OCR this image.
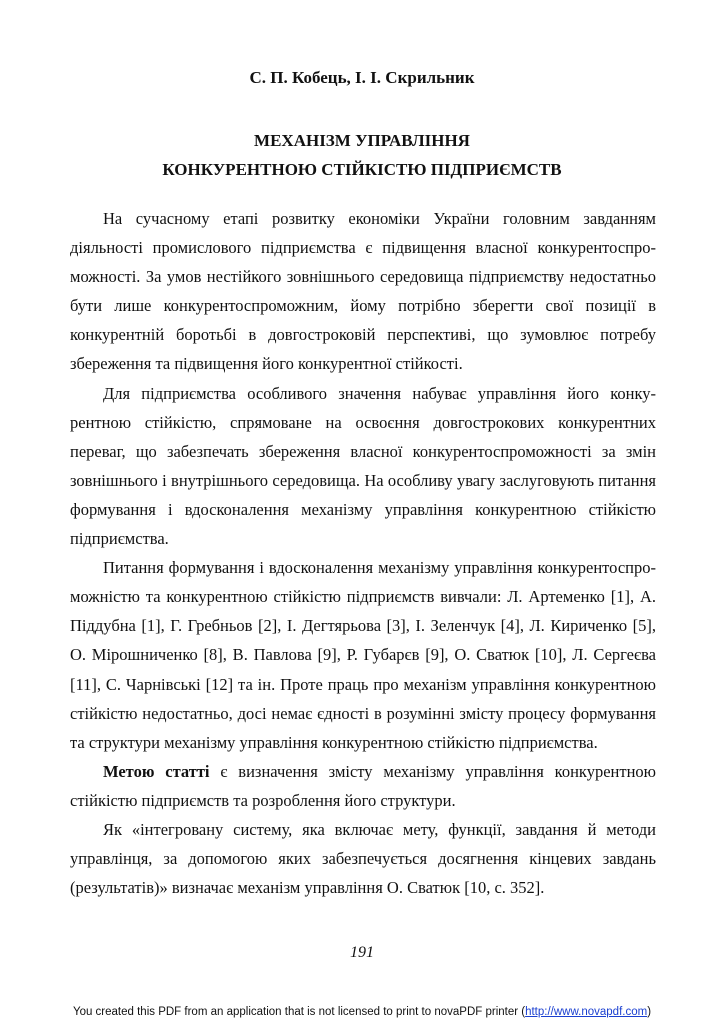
С. П. Кобець, І. І. Скрильник
МЕХАНІЗМ УПРАВЛІННЯ
КОНКУРЕНТНОЮ СТІЙКІСТЮ ПІДПРИЄМСТВ

На сучасному етапі розвитку економіки України головним завданням діяльності промислового підприємства є підвищення власної конкурентоспроможності. За умов нестійкого зовнішнього середовища підприємству недостатньо бути лише конкурентоспроможним, йому потрібно зберегти свої позиції в конкурентній боротьбі в довгостроковій перспективі, що зумовлює потребу збереження та підвищення його конкурентної стійкості.

Для підприємства особливого значення набуває управління його конкурентною стійкістю, спрямоване на освоєння довгострокових конкурентних переваг, що забезпечать збереження власної конкурентоспроможності за змін зовнішнього і внутрішнього середовища. На особливу увагу заслуговують питання формування і вдосконалення механізму управління конкурентною стійкістю підприємства.

Питання формування і вдосконалення механізму управління конкурентоспроможністю та конкурентною стійкістю підприємств вивчали: Л. Артеменко [1], А. Піддубна [1], Г. Гребньов [2], І. Дегтярьова [3], І. Зеленчук [4], Л. Кириченко [5], О. Мірошниченко [8], В. Павлова [9], Р. Губарєв [9], О. Сватюк [10], Л. Сергеєва [11], С. Чарнівські [12] та ін. Проте праць про механізм управління конкурентною стійкістю недостатньо, досі немає єдності в розумінні змісту процесу формування та структури механізму управління конкурентною стійкістю підприємства.

Метою статті є визначення змісту механізму управління конкурентною стійкістю підприємств та розроблення його структури.

Як «інтегровану систему, яка включає мету, функції, завдання й методи управлінця, за допомогою яких забезпечується досягнення кінцевих завдань (результатів)» визначає механізм управління О. Сватюк [10, с. 352].

191
You created this PDF from an application that is not licensed to print to novaPDF printer (http://www.novapdf.com)
